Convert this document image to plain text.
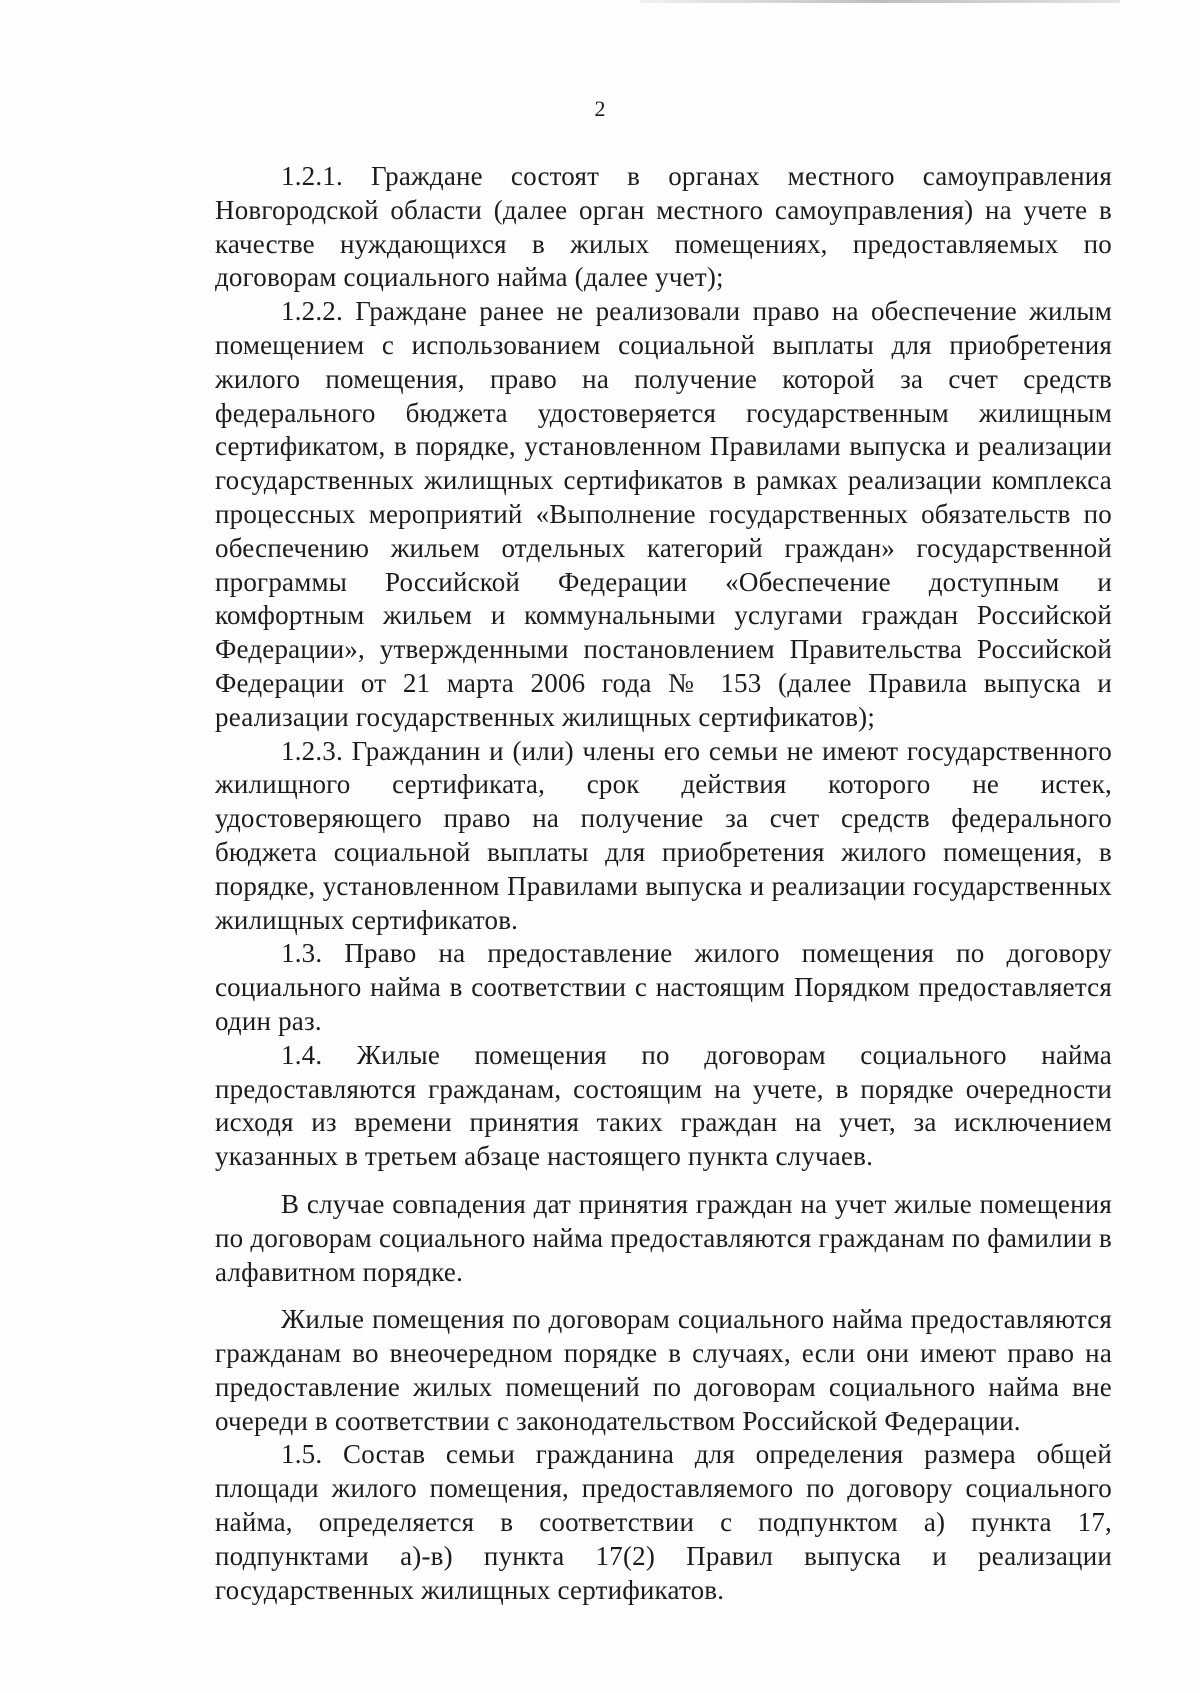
2

1.2.1. Граждане состоят в органах местного самоуправления Новгородской области (далее орган местного самоуправления) на учете в качестве нуждающихся в жилых помещениях, предоставляемых по договорам социального найма (далее учет);

1.2.2. Граждане ранее не реализовали право на обеспечение жилым помещением с использованием социальной выплаты для приобретения жилого помещения, право на получение которой за счет средств федерального бюджета удостоверяется государственным жилищным сертификатом, в порядке, установленном Правилами выпуска и реализации государственных жилищных сертификатов в рамках реализации комплекса процессных мероприятий «Выполнение государственных обязательств по обеспечению жильем отдельных категорий граждан» государственной программы Российской Федерации «Обеспечение доступным и комфортным жильем и коммунальными услугами граждан Российской Федерации», утвержденными постановлением Правительства Российской Федерации от 21 марта 2006 года № 153 (далее Правила выпуска и реализации государственных жилищных сертификатов);

1.2.3. Гражданин и (или) члены его семьи не имеют государственного жилищного сертификата, срок действия которого не истек, удостоверяющего право на получение за счет средств федерального бюджета социальной выплаты для приобретения жилого помещения, в порядке, установленном Правилами выпуска и реализации государственных жилищных сертификатов.

1.3. Право на предоставление жилого помещения по договору социального найма в соответствии с настоящим Порядком предоставляется один раз.

1.4. Жилые помещения по договорам социального найма предоставляются гражданам, состоящим на учете, в порядке очередности исходя из времени принятия таких граждан на учет, за исключением указанных в третьем абзаце настоящего пункта случаев.

В случае совпадения дат принятия граждан на учет жилые помещения по договорам социального найма предоставляются гражданам по фамилии в алфавитном порядке.

Жилые помещения по договорам социального найма предоставляются гражданам во внеочередном порядке в случаях, если они имеют право на предоставление жилых помещений по договорам социального найма вне очереди в соответствии с законодательством Российской Федерации.

1.5. Состав семьи гражданина для определения размера общей площади жилого помещения, предоставляемого по договору социального найма, определяется в соответствии с подпунктом а) пункта 17, подпунктами а)-в) пункта 17(2) Правил выпуска и реализации государственных жилищных сертификатов.
